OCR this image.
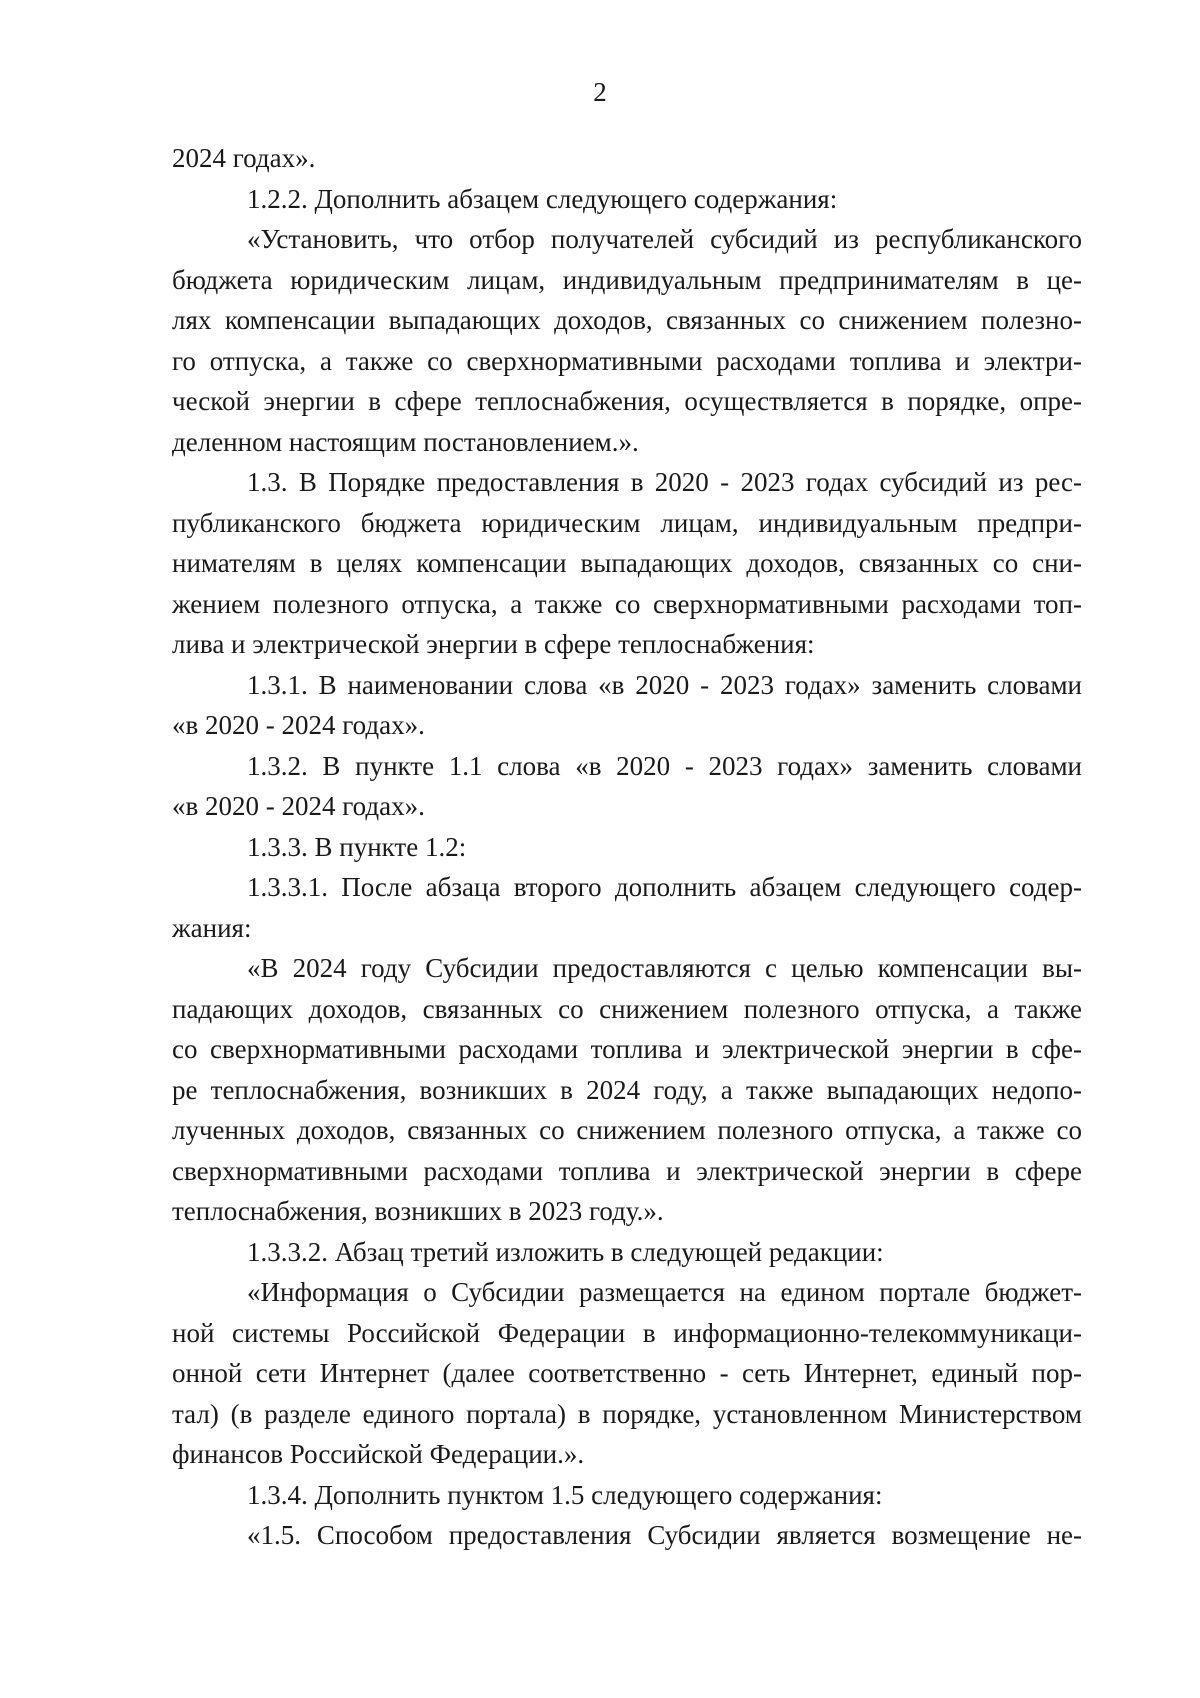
2
2024 годах».
1.2.2. Дополнить абзацем следующего содержания:
«Установить, что отбор получателей субсидий из республиканского
бюджета юридическим лицам, индивидуальным предпринимателям в це-
лях компенсации выпадающих доходов, связанных со снижением полезно-
го отпуска, а также со сверхнормативными расходами топлива и электри-
ческой энергии в сфере теплоснабжения, осуществляется в порядке, опре-
деленном настоящим постановлением.».
1.3. В Порядке предоставления в 2020 - 2023 годах субсидий из рес-
публиканского бюджета юридическим лицам, индивидуальным предпри-
нимателям в целях компенсации выпадающих доходов, связанных со сни-
жением полезного отпуска, а также со сверхнормативными расходами топ-
лива и электрической энергии в сфере теплоснабжения:
1.3.1. В наименовании слова «в 2020 - 2023 годах» заменить словами
«в 2020 - 2024 годах».
1.3.2. В пункте 1.1 слова «в 2020 - 2023 годах» заменить словами
«в 2020 - 2024 годах».
1.3.3. В пункте 1.2:
1.3.3.1. После абзаца второго дополнить абзацем следующего содер-
жания:
«В 2024 году Субсидии предоставляются с целью компенсации вы-
падающих доходов, связанных со снижением полезного отпуска, а также
со сверхнормативными расходами топлива и электрической энергии в сфе-
ре теплоснабжения, возникших в 2024 году, а также выпадающих недопо-
лученных доходов, связанных со снижением полезного отпуска, а также со
сверхнормативными расходами топлива и электрической энергии в сфере
теплоснабжения, возникших в 2023 году.».
1.3.3.2. Абзац третий изложить в следующей редакции:
«Информация о Субсидии размещается на едином портале бюджет-
ной системы Российской Федерации в информационно-телекоммуникаци-
онной сети Интернет (далее соответственно - сеть Интернет, единый пор-
тал) (в разделе единого портала) в порядке, установленном Министерством
финансов Российской Федерации.».
1.3.4. Дополнить пунктом 1.5 следующего содержания:
«1.5. Способом предоставления Субсидии является возмещение не-
